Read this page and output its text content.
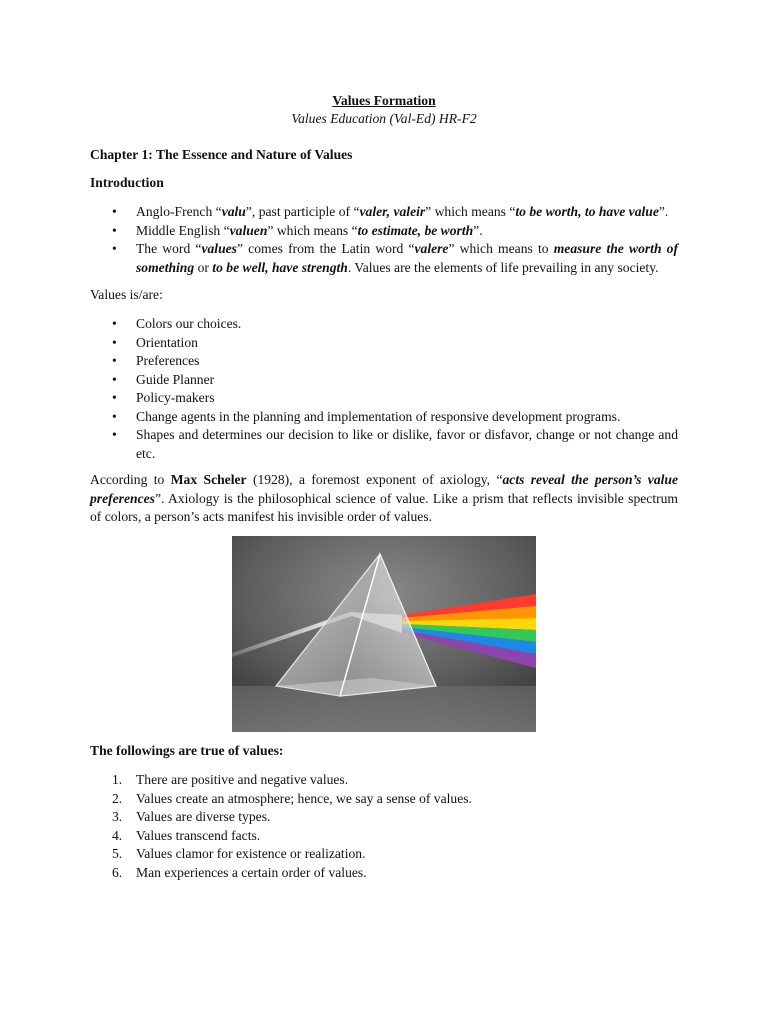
Values Formation
Values Education (Val-Ed) HR-F2
Chapter 1: The Essence and Nature of Values
Introduction
• Anglo-French “valu”, past participle of “valer, valeir” which means “to be worth, to have value”.
• Middle English “valuen” which means “to estimate, be worth”.
• The word “values” comes from the Latin word “valere” which means to measure the worth of something or to be well, have strength. Values are the elements of life prevailing in any society.
Values is/are:
• Colors our choices.
• Orientation
• Preferences
• Guide Planner
• Policy-makers
• Change agents in the planning and implementation of responsive development programs.
• Shapes and determines our decision to like or dislike, favor or disfavor, change or not change and etc.
According to Max Scheler (1928), a foremost exponent of axiology, “acts reveal the person’s value preferences”. Axiology is the philosophical science of value. Like a prism that reflects invisible spectrum of colors, a person’s acts manifest his invisible order of values.
The followings are true of values:
1. There are positive and negative values.
2. Values create an atmosphere; hence, we say a sense of values.
3. Values are diverse types.
4. Values transcend facts.
5. Values clamor for existence or realization.
6. Man experiences a certain order of values.
